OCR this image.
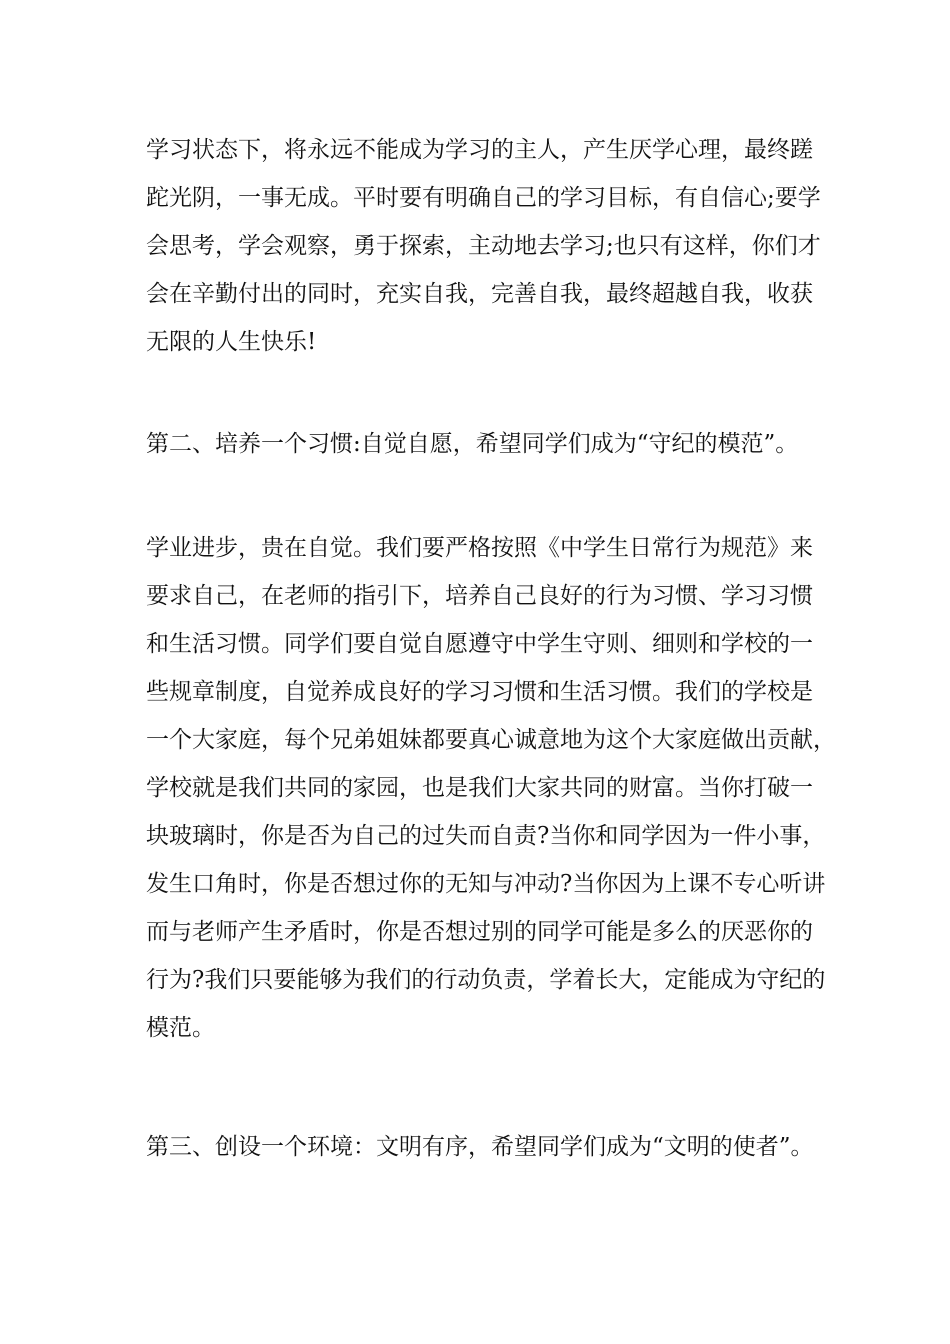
学习状态下，将永远不能成为学习的主人，产生厌学心理，最终蹉
跎光阴，一事无成。平时要有明确自己的学习目标，有自信心;要学
会思考，学会观察，勇于探索，主动地去学习;也只有这样，你们才
会在辛勤付出的同时，充实自我，完善自我，最终超越自我，收获
无限的人生快乐!
第二、培养一个习惯:自觉自愿，希望同学们成为“守纪的模范”。
学业进步，贵在自觉。我们要严格按照《中学生日常行为规范》来
要求自己，在老师的指引下，培养自己良好的行为习惯、学习习惯
和生活习惯。同学们要自觉自愿遵守中学生守则、细则和学校的一
些规章制度，自觉养成良好的学习习惯和生活习惯。我们的学校是
一个大家庭，每个兄弟姐妹都要真心诚意地为这个大家庭做出贡献，
学校就是我们共同的家园，也是我们大家共同的财富。当你打破一
块玻璃时，你是否为自己的过失而自责?当你和同学因为一件小事，
发生口角时，你是否想过你的无知与冲动?当你因为上课不专心听讲
而与老师产生矛盾时，你是否想过别的同学可能是多么的厌恶你的
行为?我们只要能够为我们的行动负责，学着长大，定能成为守纪的
模范。
第三、创设一个环境：文明有序，希望同学们成为“文明的使者”。
